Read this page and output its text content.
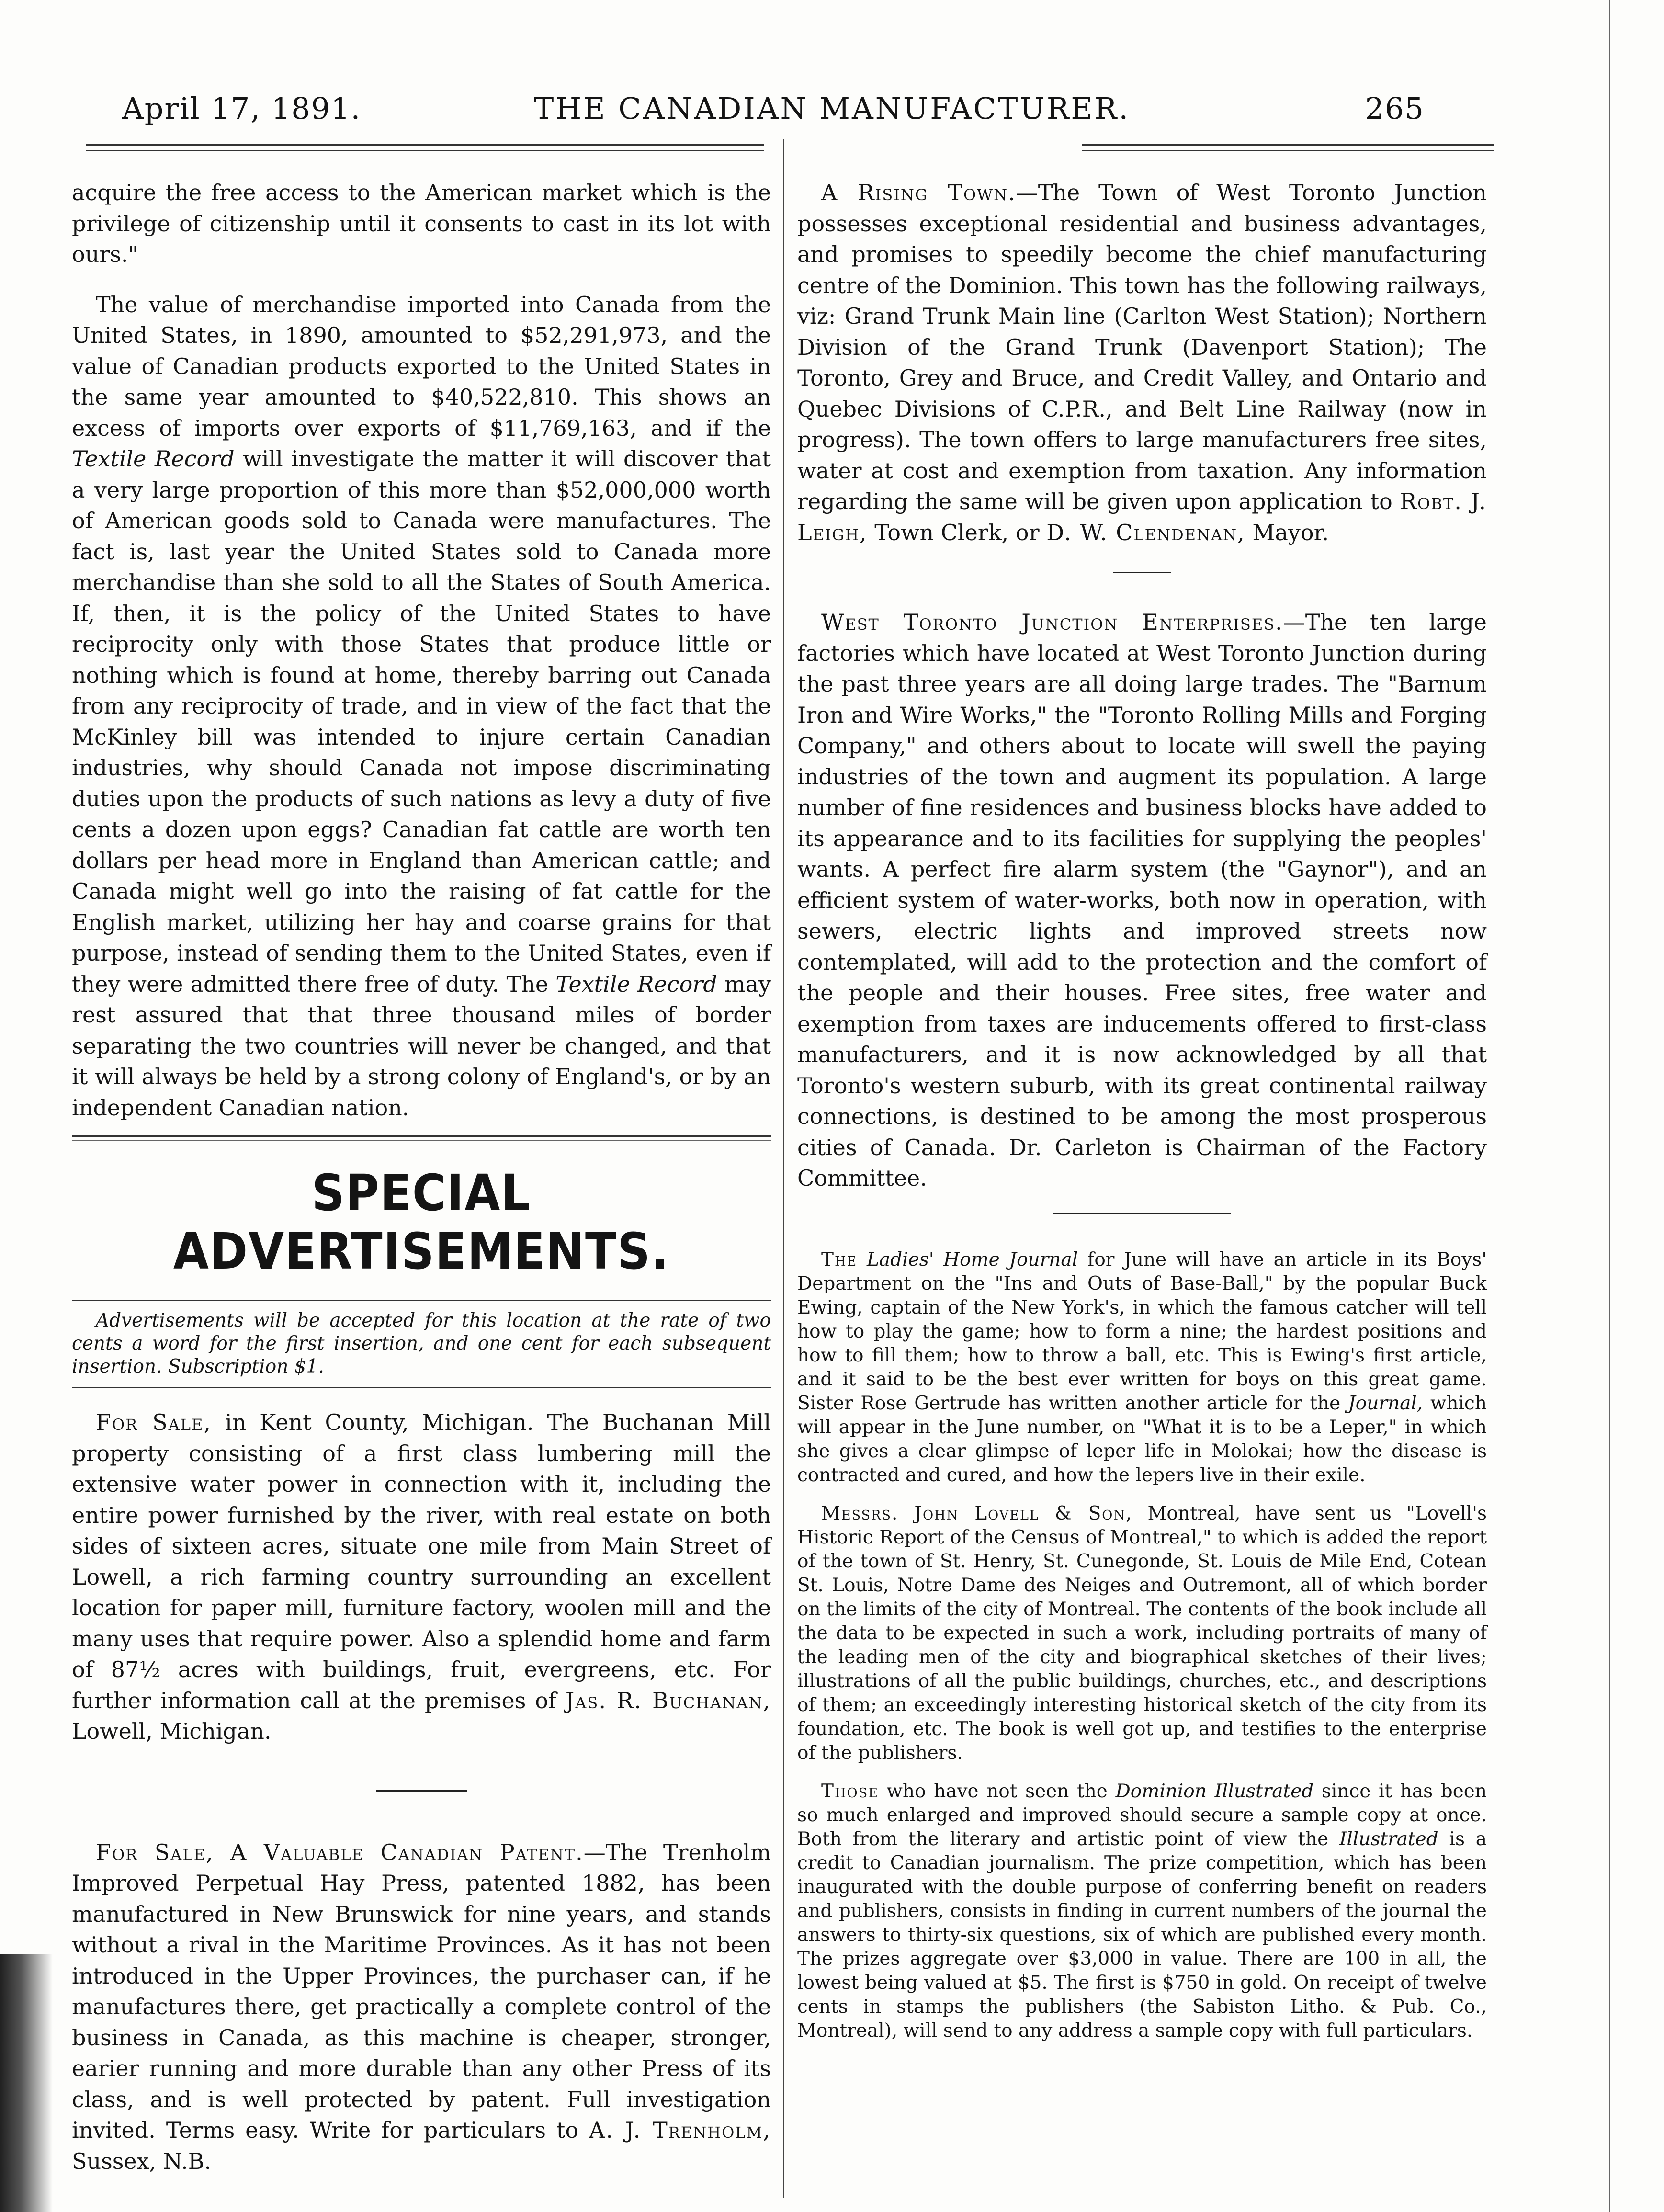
April 17, 1891.	THE CANADIAN MANUFACTURER.	265

acquire the free access to the American market which is the privilege of citizenship until it consents to cast in its lot with ours."

The value of merchandise imported into Canada from the United States, in 1890, amounted to $52,291,973, and the value of Canadian products exported to the United States in the same year amounted to $40,522,810. This shows an excess of imports over exports of $11,769,163, and if the Textile Record will investigate the matter it will discover that a very large proportion of this more than $52,000,000 worth of American goods sold to Canada were manufactures. The fact is, last year the United States sold to Canada more merchandise than she sold to all the States of South America. If, then, it is the policy of the United States to have reciprocity only with those States that produce little or nothing which is found at home, thereby barring out Canada from any reciprocity of trade, and in view of the fact that the McKinley bill was intended to injure certain Canadian industries, why should Canada not impose discriminating duties upon the products of such nations as levy a duty of five cents a dozen upon eggs? Canadian fat cattle are worth ten dollars per head more in England than American cattle; and Canada might well go into the raising of fat cattle for the English market, utilizing her hay and coarse grains for that purpose, instead of sending them to the United States, even if they were admitted there free of duty. The Textile Record may rest assured that that three thousand miles of border separating the two countries will never be changed, and that it will always be held by a strong colony of England's, or by an independent Canadian nation.

SPECIAL ADVERTISEMENTS.

Advertisements will be accepted for this location at the rate of two cents a word for the first insertion, and one cent for each subsequent insertion. Subscription $1.

For Sale, in Kent County, Michigan. The Buchanan Mill property consisting of a first class lumbering mill the extensive water power in connection with it, including the entire power furnished by the river, with real estate on both sides of sixteen acres, situate one mile from Main Street of Lowell, a rich farming country surrounding an excellent location for paper mill, furniture factory, woolen mill and the many uses that require power. Also a splendid home and farm of 87½ acres with buildings, fruit, evergreens, etc. For further information call at the premises of Jas. R. Buchanan, Lowell, Michigan.

For Sale, A Valuable Canadian Patent.—The Trenholm Improved Perpetual Hay Press, patented 1882, has been manufactured in New Brunswick for nine years, and stands without a rival in the Maritime Provinces. As it has not been introduced in the Upper Provinces, the purchaser can, if he manufactures there, get practically a complete control of the business in Canada, as this machine is cheaper, stronger, earier running and more durable than any other Press of its class, and is well protected by patent. Full investigation invited. Terms easy. Write for particulars to A. J. Trenholm, Sussex, N.B.

A Rising Town.—The Town of West Toronto Junction possesses exceptional residential and business advantages, and promises to speedily become the chief manufacturing centre of the Dominion. This town has the following railways, viz: Grand Trunk Main line (Carlton West Station); Northern Division of the Grand Trunk (Davenport Station); The Toronto, Grey and Bruce, and Credit Valley, and Ontario and Quebec Divisions of C.P.R., and Belt Line Railway (now in progress). The town offers to large manufacturers free sites, water at cost and exemption from taxation. Any information regarding the same will be given upon application to Robt. J. Leigh, Town Clerk, or D. W. Clendenan, Mayor.

West Toronto Junction Enterprises.—The ten large factories which have located at West Toronto Junction during the past three years are all doing large trades. The "Barnum Iron and Wire Works," the "Toronto Rolling Mills and Forging Company," and others about to locate will swell the paying industries of the town and augment its population. A large number of fine residences and business blocks have added to its appearance and to its facilities for supplying the peoples' wants. A perfect fire alarm system (the "Gaynor"), and an efficient system of water-works, both now in operation, with sewers, electric lights and improved streets now contemplated, will add to the protection and the comfort of the people and their houses. Free sites, free water and exemption from taxes are inducements offered to first-class manufacturers, and it is now acknowledged by all that Toronto's western suburb, with its great continental railway connections, is destined to be among the most prosperous cities of Canada. Dr. Carleton is Chairman of the Factory Committee.

The Ladies' Home Journal for June will have an article in its Boys' Department on the "Ins and Outs of Base-Ball," by the popular Buck Ewing, captain of the New York's, in which the famous catcher will tell how to play the game; how to form a nine; the hardest positions and how to fill them; how to throw a ball, etc. This is Ewing's first article, and it said to be the best ever written for boys on this great game. Sister Rose Gertrude has written another article for the Journal, which will appear in the June number, on "What it is to be a Leper," in which she gives a clear glimpse of leper life in Molokai; how the disease is contracted and cured, and how the lepers live in their exile.

Messrs. John Lovell & Son, Montreal, have sent us "Lovell's Historic Report of the Census of Montreal," to which is added the report of the town of St. Henry, St. Cunegonde, St. Louis de Mile End, Cotean St. Louis, Notre Dame des Neiges and Outremont, all of which border on the limits of the city of Montreal. The contents of the book include all the data to be expected in such a work, including portraits of many of the leading men of the city and biographical sketches of their lives; illustrations of all the public buildings, churches, etc., and descriptions of them; an exceedingly interesting historical sketch of the city from its foundation, etc. The book is well got up, and testifies to the enterprise of the publishers.

Those who have not seen the Dominion Illustrated since it has been so much enlarged and improved should secure a sample copy at once. Both from the literary and artistic point of view the Illustrated is a credit to Canadian journalism. The prize competition, which has been inaugurated with the double purpose of conferring benefit on readers and publishers, consists in finding in current numbers of the journal the answers to thirty-six questions, six of which are published every month. The prizes aggregate over $3,000 in value. There are 100 in all, the lowest being valued at $5. The first is $750 in gold. On receipt of twelve cents in stamps the publishers (the Sabiston Litho. & Pub. Co., Montreal), will send to any address a sample copy with full particulars.
